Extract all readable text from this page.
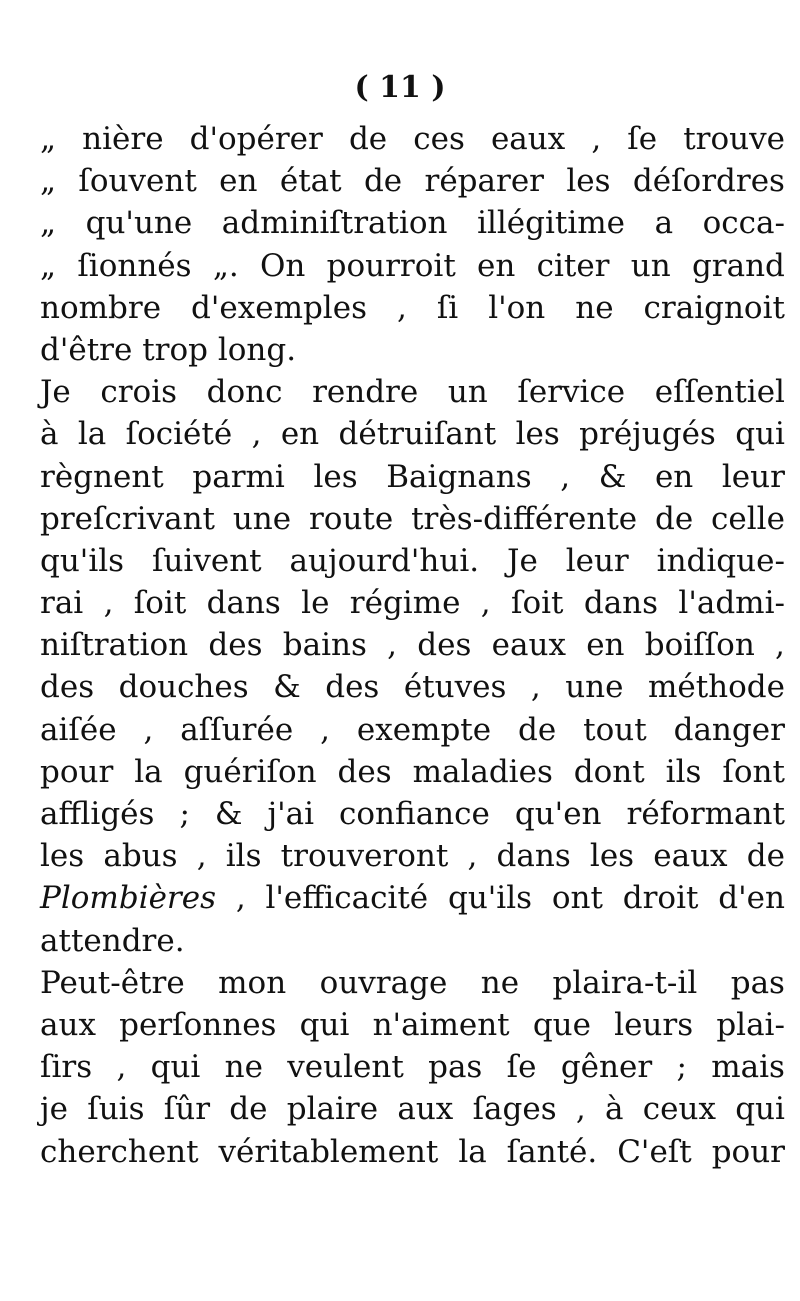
( 11 )
„ nière d'opérer de ces eaux , ſe trouve
„ ſouvent en état de réparer les déſordres
„ qu'une adminiſtration illégitime a occa-
„ ſionnés „. On pourroit en citer un grand
nombre d'exemples , ſi l'on ne craignoit
d'être trop long.
Je crois donc rendre un ſervice eſſentiel
à la ſociété , en détruiſant les préjugés qui
règnent parmi les Baignans , & en leur
preſcrivant une route très-différente de celle
qu'ils ſuivent aujourd'hui. Je leur indique-
rai , ſoit dans le régime , ſoit dans l'admi-
niſtration des bains , des eaux en boiſſon ,
des douches & des étuves , une méthode
aiſée , aſſurée , exempte de tout danger
pour la guériſon des maladies dont ils ſont
affligés ; & j'ai confiance qu'en réformant
les abus , ils trouveront , dans les eaux de
Plombières , l'efficacité qu'ils ont droit d'en
attendre.
Peut-être mon ouvrage ne plaira-t-il pas
aux perſonnes qui n'aiment que leurs plai-
ſirs , qui ne veulent pas ſe gêner ; mais
je ſuis ſûr de plaire aux ſages , à ceux qui
cherchent véritablement la ſanté. C'eſt pour
